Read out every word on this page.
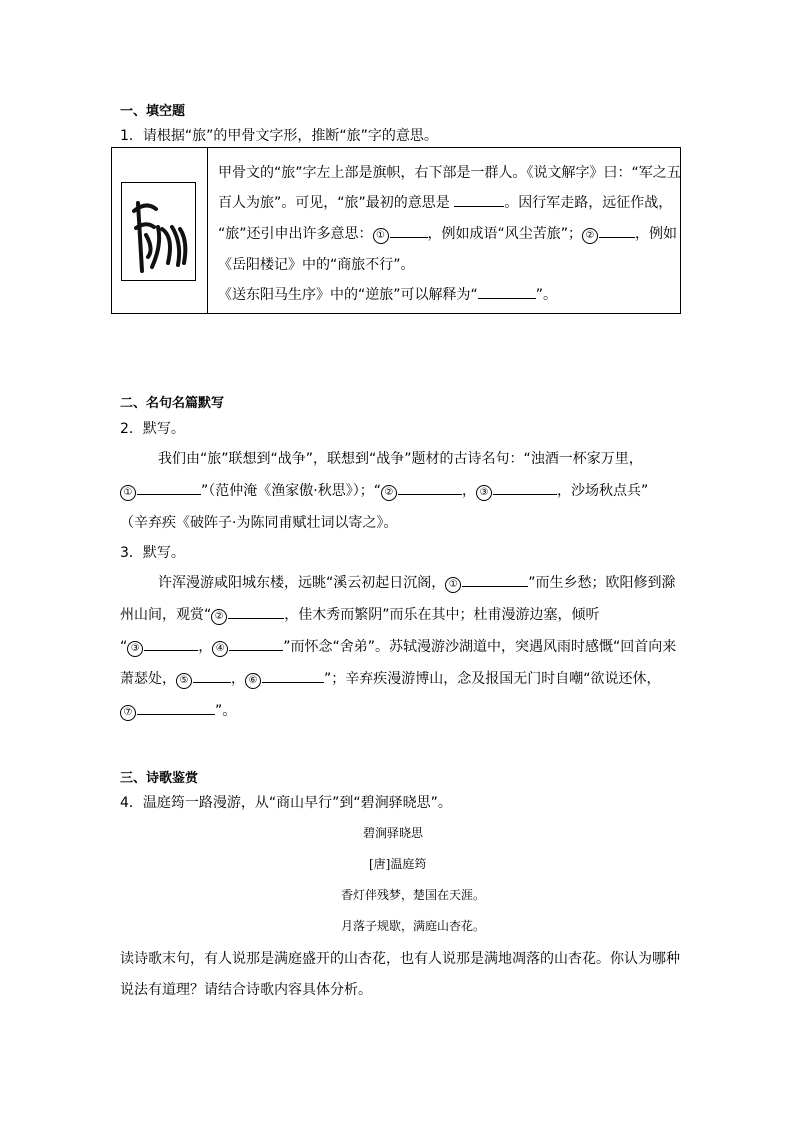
一、填空题
1．请根据“旅”的甲骨文字形，推断“旅”字的意思。
甲骨文的“旅”字左上部是旗帜，右下部是一群人。《说文解字》曰：“军之五
百人为旅”。可见，“旅”最初的意思是	。因行军走路，远征作战，
“旅”还引申出许多意思： ①	，例如成语“风尘苦旅”； ②	，例如
《岳阳楼记》中的“商旅不行”。
《送东阳马生序》中的“逆旅”可以解释为“	”。
二、名句名篇默写
2．默写。
我们由“旅”联想到“战争”，联想到“战争”题材的古诗名句：“浊酒一杯家万里，
①	”（范仲淹《渔家傲·秋思》）；“ ②	， ③	，沙场秋点兵”
（辛弃疾《破阵子·为陈同甫赋壮词以寄之》。
3．默写。
许浑漫游咸阳城东楼，远眺“溪云初起日沉阁， ①	”而生乡愁；欧阳修到滁
州山间，观赏“ ②	，佳木秀而繁阴”而乐在其中；杜甫漫游边塞，倾听
“ ③	， ④	”而怀念“舍弟”。苏轼漫游沙湖道中，突遇风雨时感慨“回首向来
萧瑟处， ⑤	， ⑥	”；辛弃疾漫游博山，念及报国无门时自嘲“欲说还休，
⑦	”。
三、诗歌鉴赏
4．温庭筠一路漫游，从“商山早行”到“碧涧驿晓思”。
碧涧驿晓思
[唐]温庭筠
香灯伴残梦，楚国在天涯。
月落子规歇，满庭山杏花。
读诗歌末句，有人说那是满庭盛开的山杏花，也有人说那是满地凋落的山杏花。你认为哪种
说法有道理？请结合诗歌内容具体分析。
